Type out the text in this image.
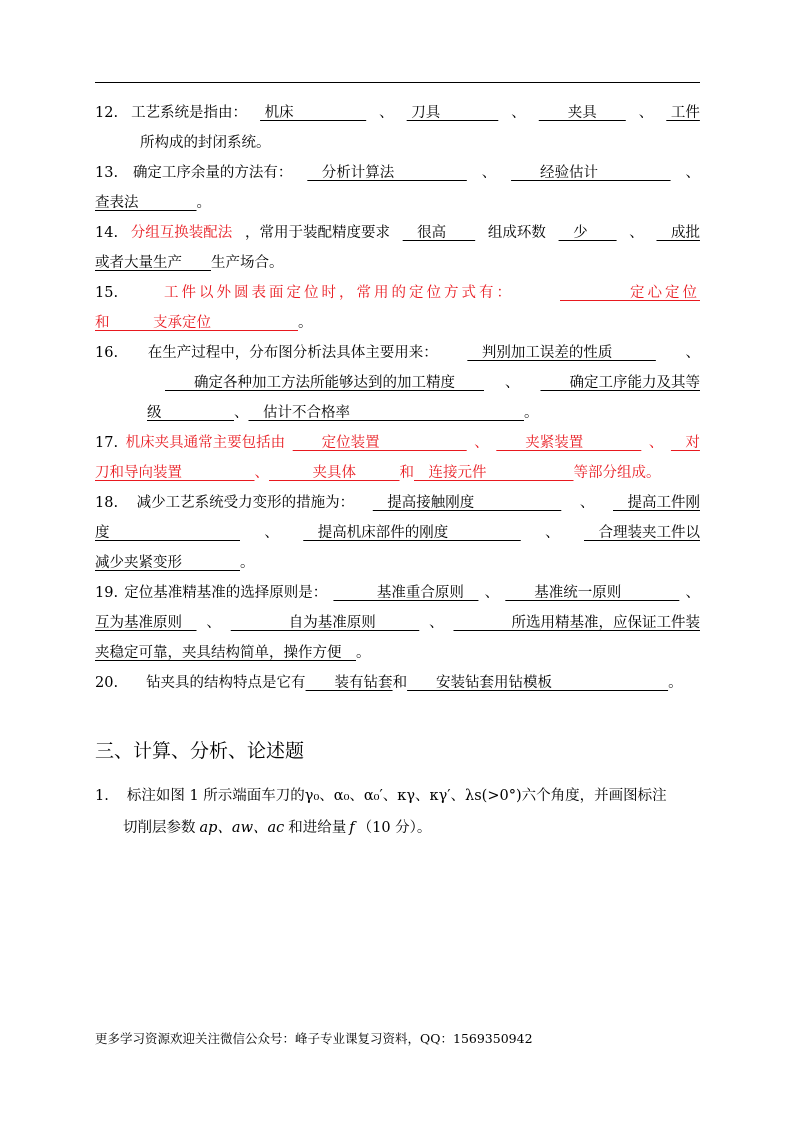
12. 工艺系统是指由： 机床　　　　　 、 刀具　　　　 、 　　夹具　　 、 工件
所构成的封闭系统。
13. 确定工序余量的方法有： 　分析计算法　　　　　 、 　　经验估计　　　　　 、
查表法　　　　 。
14. 分组互换装配法 ，常用于装配精度要求 　很高　　 组成环数 　少　　 、 　成批
或者大量生产　　 生产场合。
15.	工件以外圆表面定位时，常用的定位方式有：	　　　　定心定位
和 　　　支承定位　　　　　　 。
16. 在生产过程中，分布图分析法具体主要用来： 　判别加工误差的性质　　　 、
　　确定各种加工方法所能够达到的加工精度　　 、 　　确定工序能力及其等
级　　　　　 、 　估计不合格率　　　　　　　　　　　　 。
17. 机床夹具通常主要包括由 　　定位装置　　　　　　 、 　　夹紧装置　　　　 、 　对
刀和导向装置　　　　　 、 　　　夹具体　　　 和 　连接元件　　　　　　 等部分组成。
18. 减少工艺系统受力变形的措施为： 　提高接触刚度　　　　　　 、 　提高工件刚
度　　　　　　　　　 、 　提高机床部件的刚度　　　　　 、 　合理装夹工件以
减少夹紧变形　　　　 。
19. 定位基准精基准的选择原则是： 　　　基准重合原则　 、 　　基准统一原则　　　　 、
互为基准原则　 、 　　　　自为基准原则　　　 、 　　　　所选用精基准，应保证工件装
夹稳定可靠，夹具结构简单，操作方便　 。
20. 钻夹具的结构特点是它有 　　装有钻套 和 　　安装钻套用钻模板　　　　　　　　 。
三、计算、分析、论述题
1. 标注如图 1 所示端面车刀的 γ₀、α₀、α₀′、κγ、κγ′、λs(>0°) 六个角度，并画图标注
切削层参数 ap、aw、ac 和进给量 f （10 分）。
更多学习资源欢迎关注微信公众号：峰子专业课复习资料，QQ：1569350942
